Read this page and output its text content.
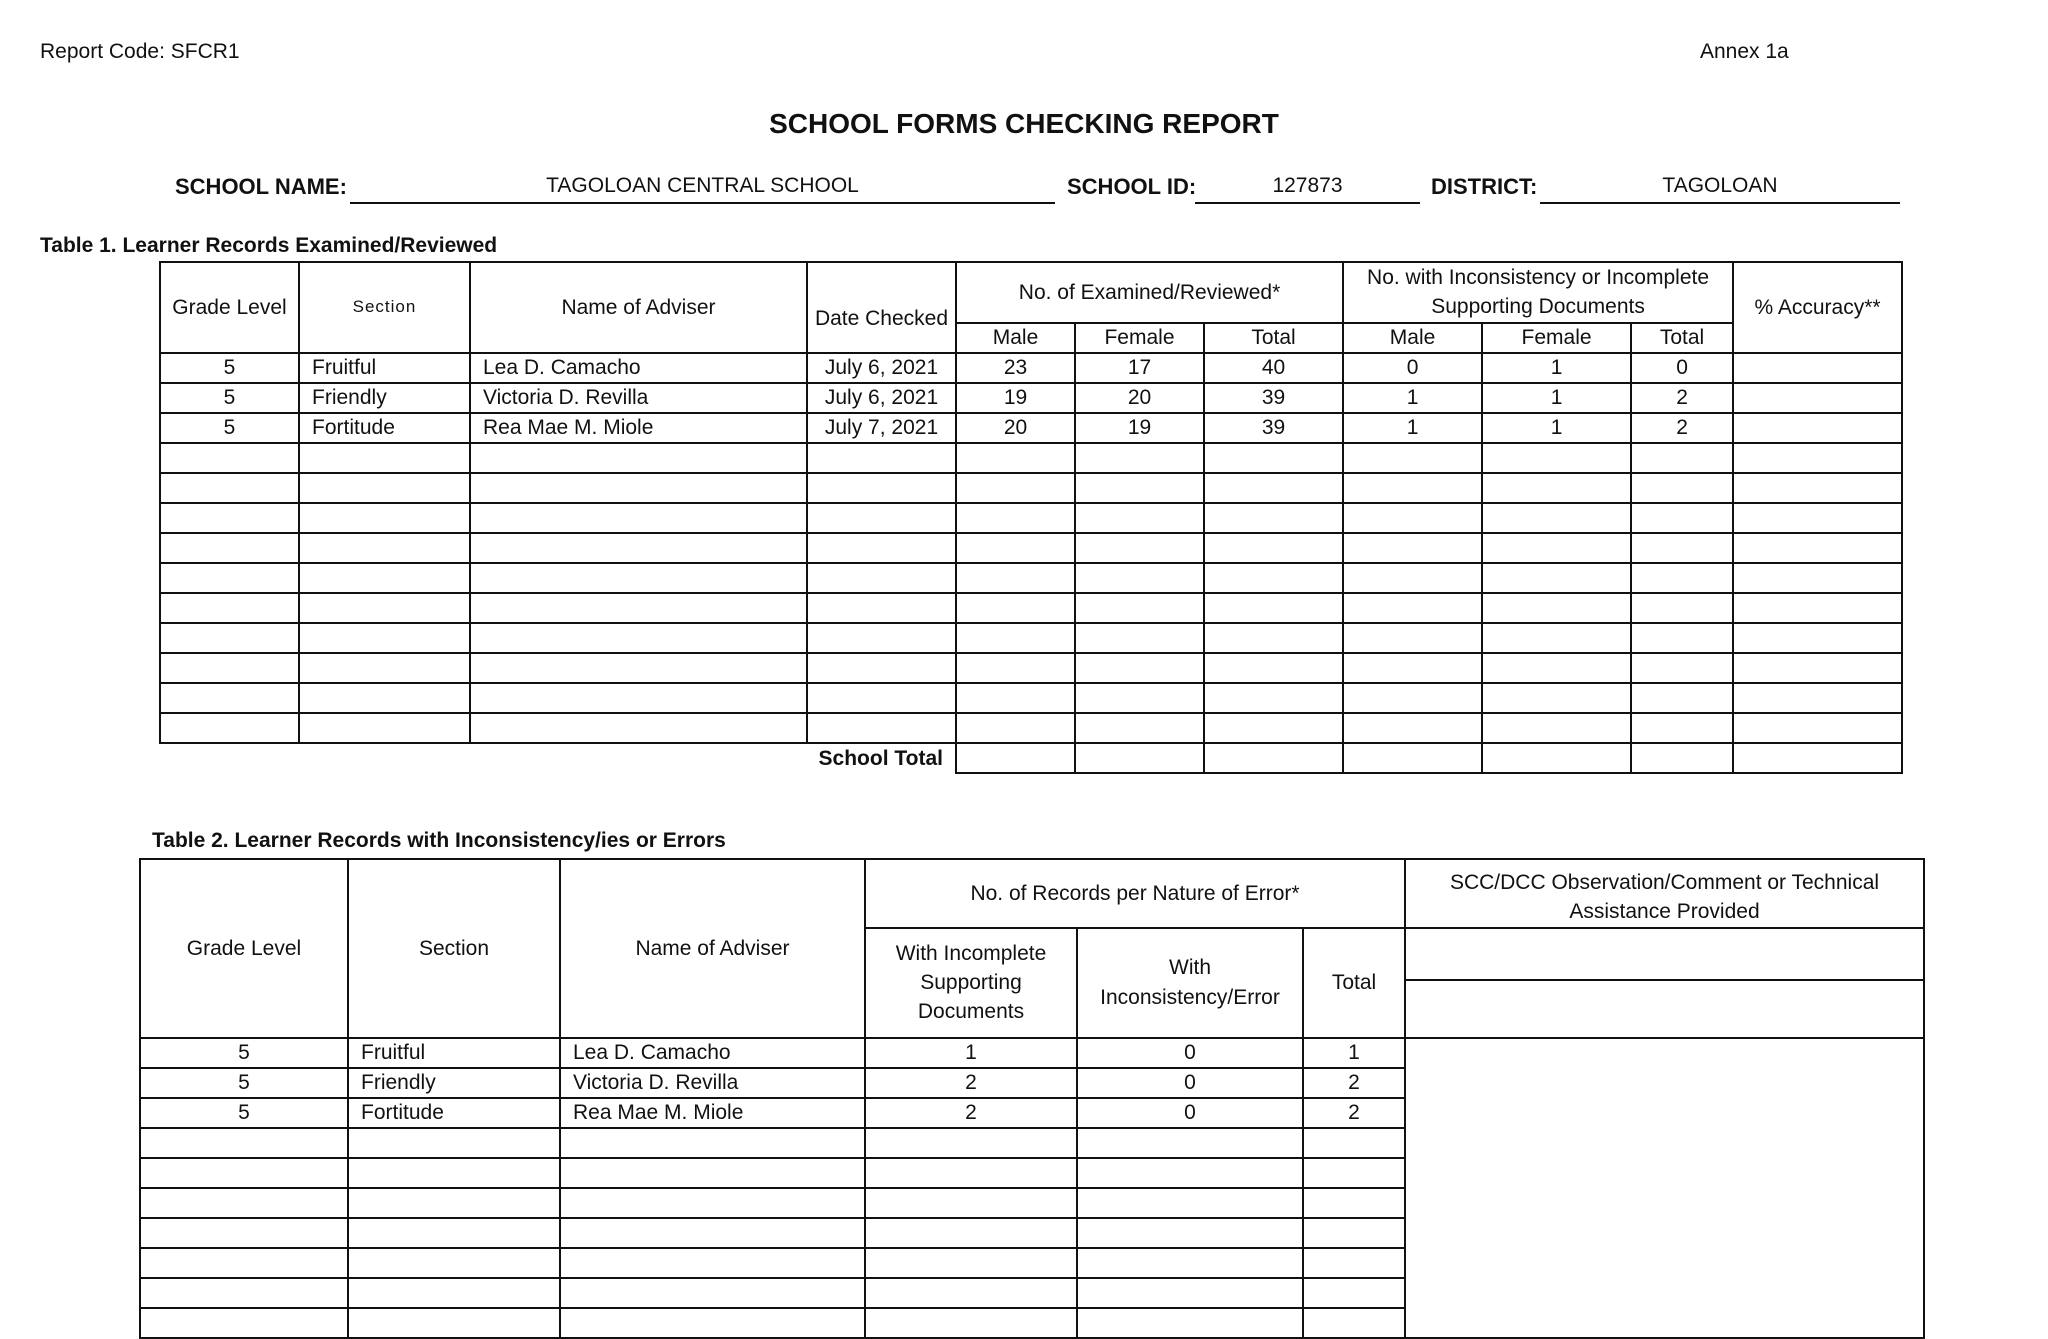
Report Code: SFCR1	Annex 1a
SCHOOL FORMS CHECKING REPORT
SCHOOL NAME:	TAGOLOAN CENTRAL SCHOOL	SCHOOL ID:	127873	DISTRICT:	TAGOLOAN
Table 1. Learner Records Examined/Reviewed
Grade Level	Section	Name of Adviser	Date Checked	No. of Examined/Reviewed*			No. with Inconsistency or Incomplete Supporting Documents			% Accuracy**
				Male	Female	Total	Male	Female	Total	
5	Fruitful	Lea D. Camacho	July 6, 2021	23	17	40	0	1	0	
5	Friendly	Victoria D. Revilla	July 6, 2021	19	20	39	1	1	2	
5	Fortitude	Rea Mae M. Miole	July 7, 2021	20	19	39	1	1	2	

School Total										
Table 2. Learner Records with Inconsistency/ies or Errors
Grade Level	Section	Name of Adviser	No. of Records per Nature of Error*			SCC/DCC Observation/Comment or Technical Assistance Provided
			With Incomplete Supporting Documents	With Inconsistency/Error	Total	

5	Fruitful	Lea D. Camacho	1	0	1	
5	Friendly	Victoria D. Revilla	2	0	2	
5	Fortitude	Rea Mae M. Miole	2	0	2	
